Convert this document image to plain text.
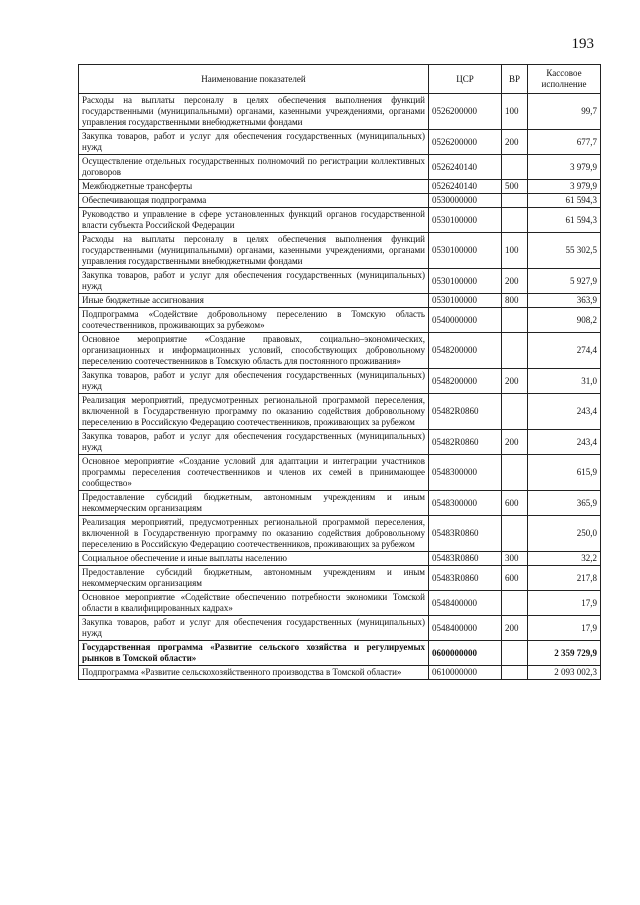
193
Наименование показателей	ЦСР	ВР	Кассовое исполнение
Расходы на выплаты персоналу в целях обеспечения выполнения функций государственными (муниципальными) органами, казенными учреждениями, органами управления государственными внебюджетными фондами	0526200000	100	99,7
Закупка товаров, работ и услуг для обеспечения государственных (муниципальных) нужд	0526200000	200	677,7
Осуществление отдельных государственных полномочий по регистрации коллективных договоров	0526240140		3 979,9
Межбюджетные трансферты	0526240140	500	3 979,9
Обеспечивающая подпрограмма	0530000000		61 594,3
Руководство и управление в сфере установленных функций органов государственной власти субъекта Российской Федерации	0530100000		61 594,3
Расходы на выплаты персоналу в целях обеспечения выполнения функций государственными (муниципальными) органами, казенными учреждениями, органами управления государственными внебюджетными фондами	0530100000	100	55 302,5
Закупка товаров, работ и услуг для обеспечения государственных (муниципальных) нужд	0530100000	200	5 927,9
Иные бюджетные ассигнования	0530100000	800	363,9
Подпрограмма «Содействие добровольному переселению в Томскую область соотечественников, проживающих за рубежом»	0540000000		908,2
Основное мероприятие «Создание правовых, социально–экономических, организационных и информационных условий, способствующих добровольному переселению соотечественников в Томскую область для постоянного проживания»	0548200000		274,4
Закупка товаров, работ и услуг для обеспечения государственных (муниципальных) нужд	0548200000	200	31,0
Реализация мероприятий, предусмотренных региональной программой переселения, включенной в Государственную программу по оказанию содействия добровольному переселению в Российскую Федерацию соотечественников, проживающих за рубежом	05482R0860		243,4
Закупка товаров, работ и услуг для обеспечения государственных (муниципальных) нужд	05482R0860	200	243,4
Основное мероприятие «Создание условий для адаптации и интеграции участников программы переселения соотечественников и членов их семей в принимающее сообщество»	0548300000		615,9
Предоставление субсидий бюджетным, автономным учреждениям и иным некоммерческим организациям	0548300000	600	365,9
Реализация мероприятий, предусмотренных региональной программой переселения, включенной в Государственную программу по оказанию содействия добровольному переселению в Российскую Федерацию соотечественников, проживающих за рубежом	05483R0860		250,0
Социальное обеспечение и иные выплаты населению	05483R0860	300	32,2
Предоставление субсидий бюджетным, автономным учреждениям и иным некоммерческим организациям	05483R0860	600	217,8
Основное мероприятие «Содействие обеспечению потребности экономики Томской области в квалифицированных кадрах»	0548400000		17,9
Закупка товаров, работ и услуг для обеспечения государственных (муниципальных) нужд	0548400000	200	17,9
Государственная программа «Развитие сельского хозяйства и регулируемых рынков в Томской области»	0600000000		2 359 729,9
Подпрограмма «Развитие сельскохозяйственного производства в Томской области»	0610000000		2 093 002,3
